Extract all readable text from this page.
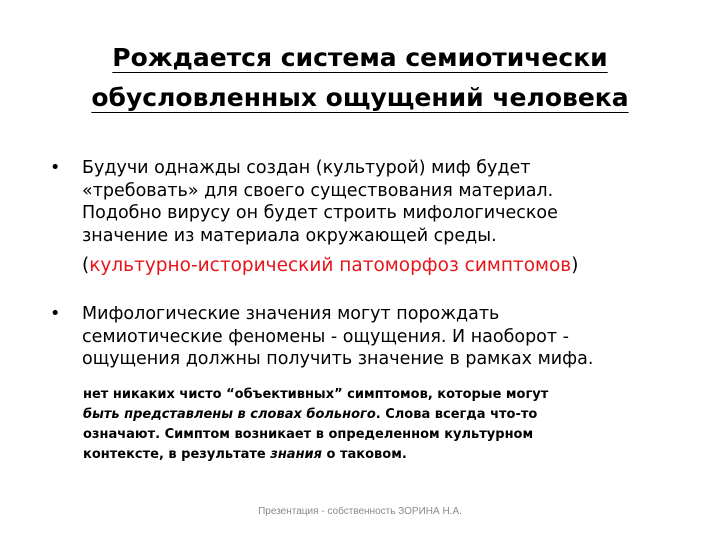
Рождается система семиотически
обусловленных ощущений человека
• Будучи однажды создан (культурой) миф будет
«требовать» для своего существования материал.
Подобно вирусу он будет строить мифологическое
значение из материала окружающей среды.
(культурно-исторический патоморфоз симптомов)
• Мифологические значения могут порождать
семиотические феномены - ощущения. И наоборот -
ощущения должны получить значение в рамках мифа.
нет никаких чисто “объективных” симптомов, которые могут
быть представлены в словах больного. Слова всегда что-то
означают. Симптом возникает в определенном культурном
контексте, в результате знания о таковом.
Презентация - собственность ЗОРИНА Н.А.
